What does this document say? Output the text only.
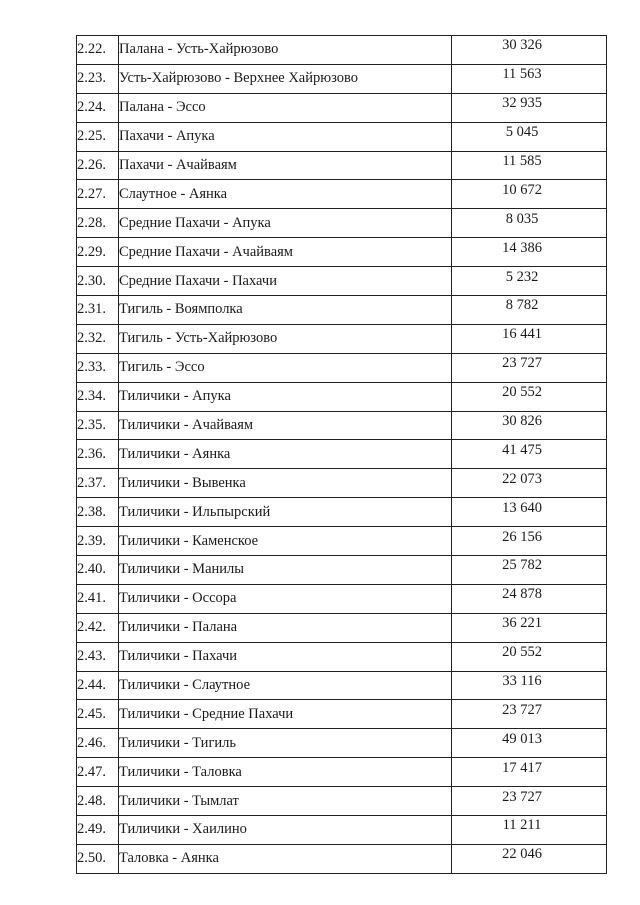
2.22.	Палана - Усть-Хайрюзово	30 326
2.23.	Усть-Хайрюзово - Верхнее Хайрюзово	11 563
2.24.	Палана - Эссо	32 935
2.25.	Пахачи - Апука	5 045
2.26.	Пахачи - Ачайваям	11 585
2.27.	Слаутное - Аянка	10 672
2.28.	Средние Пахачи - Апука	8 035
2.29.	Средние Пахачи - Ачайваям	14 386
2.30.	Средние Пахачи - Пахачи	5 232
2.31.	Тигиль - Воямполка	8 782
2.32.	Тигиль - Усть-Хайрюзово	16 441
2.33.	Тигиль - Эссо	23 727
2.34.	Тиличики - Апука	20 552
2.35.	Тиличики - Ачайваям	30 826
2.36.	Тиличики - Аянка	41 475
2.37.	Тиличики - Вывенка	22 073
2.38.	Тиличики - Ильпырский	13 640
2.39.	Тиличики - Каменское	26 156
2.40.	Тиличики - Манилы	25 782
2.41.	Тиличики - Оссора	24 878
2.42.	Тиличики - Палана	36 221
2.43.	Тиличики - Пахачи	20 552
2.44.	Тиличики - Слаутное	33 116
2.45.	Тиличики - Средние Пахачи	23 727
2.46.	Тиличики - Тигиль	49 013
2.47.	Тиличики - Таловка	17 417
2.48.	Тиличики - Тымлат	23 727
2.49.	Тиличики - Хаилино	11 211
2.50.	Таловка - Аянка	22 046
